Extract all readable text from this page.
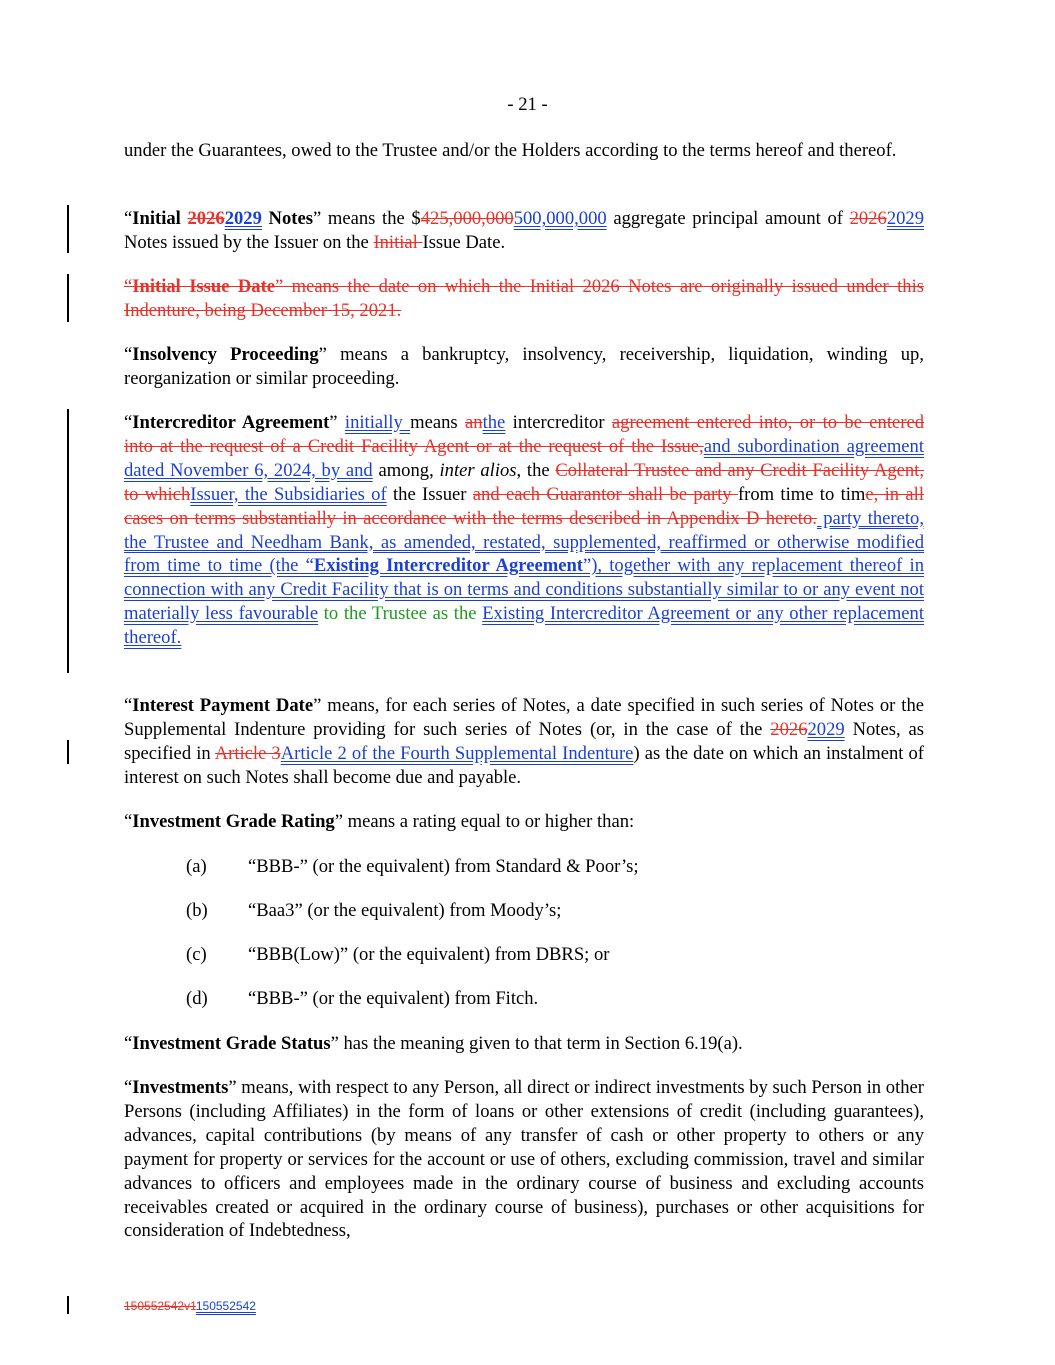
- 21 -

under the Guarantees, owed to the Trustee and/or the Holders according to the terms hereof and thereof.

“Initial 20262029 Notes” means the $425,000,000500,000,000 aggregate principal amount of 20262029 Notes issued by the Issuer on the Initial Issue Date.

“Initial Issue Date” means the date on which the Initial 2026 Notes are originally issued under this Indenture, being December 15, 2021.

“Insolvency Proceeding” means a bankruptcy, insolvency, receivership, liquidation, winding up, reorganization or similar proceeding.

“Intercreditor Agreement” initially means anthe intercreditor agreement entered into, or to be entered into at the request of a Credit Facility Agent or at the request of the Issue,and subordination agreement dated November 6, 2024, by and among, inter alios, the Collateral Trustee and any Credit Facility Agent, to whichIssuer, the Subsidiaries of the Issuer and each Guarantor shall be party from time to time, in all cases on terms substantially in accordance with the terms described in Appendix D hereto. party thereto, the Trustee and Needham Bank, as amended, restated, supplemented, reaffirmed or otherwise modified from time to time (the “Existing Intercreditor Agreement”), together with any replacement thereof in connection with any Credit Facility that is on terms and conditions substantially similar to or any event not materially less favourable to the Trustee as the Existing Intercreditor Agreement or any other replacement thereof.

“Interest Payment Date” means, for each series of Notes, a date specified in such series of Notes or the Supplemental Indenture providing for such series of Notes (or, in the case of the 20262029 Notes, as specified in Article 3Article 2 of the Fourth Supplemental Indenture) as the date on which an instalment of interest on such Notes shall become due and payable.

“Investment Grade Rating” means a rating equal to or higher than:

(a) “BBB-” (or the equivalent) from Standard & Poor’s;
(b) “Baa3” (or the equivalent) from Moody’s;
(c) “BBB(Low)” (or the equivalent) from DBRS; or
(d) “BBB-” (or the equivalent) from Fitch.

“Investment Grade Status” has the meaning given to that term in Section 6.19(a).

“Investments” means, with respect to any Person, all direct or indirect investments by such Person in other Persons (including Affiliates) in the form of loans or other extensions of credit (including guarantees), advances, capital contributions (by means of any transfer of cash or other property to others or any payment for property or services for the account or use of others, excluding commission, travel and similar advances to officers and employees made in the ordinary course of business and excluding accounts receivables created or acquired in the ordinary course of business), purchases or other acquisitions for consideration of Indebtedness,

150552542v1150552542
